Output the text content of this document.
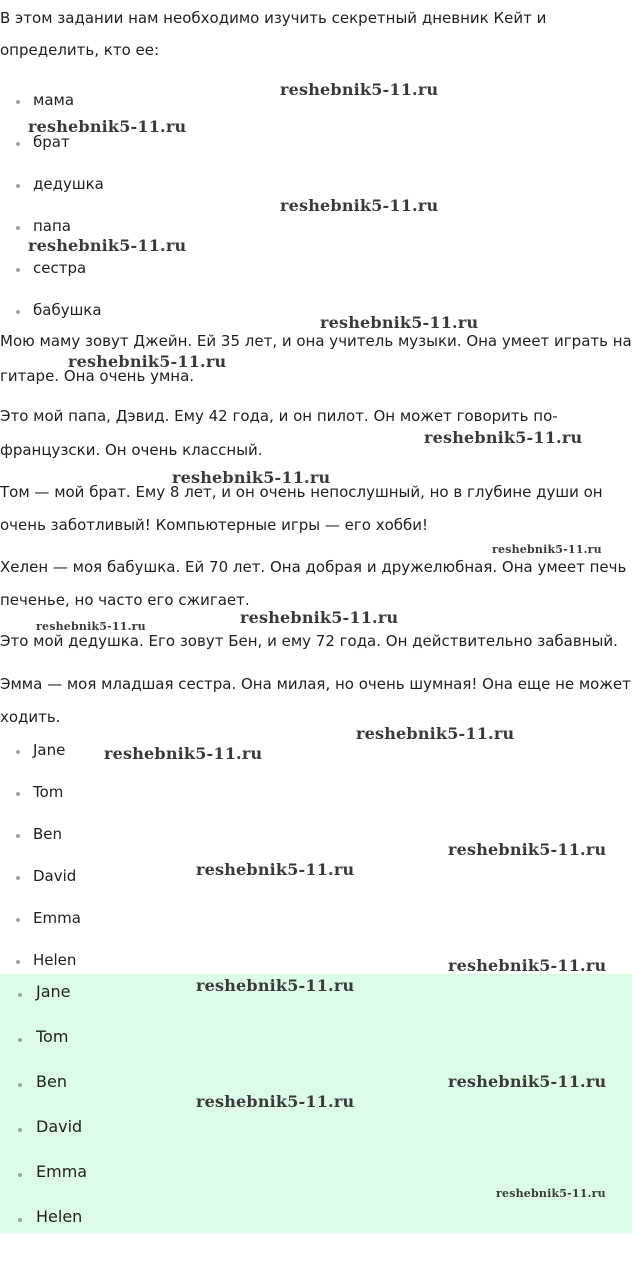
В этом задании нам необходимо изучить секретный дневник Кейт и определить, кто ее:

мама
брат
дедушка
папа
сестра
бабушка
Мою маму зовут Джейн. Ей 35 лет, и она учитель музыки. Она умеет играть на
гитаре. Она очень умна.
Это мой папа, Дэвид. Ему 42 года, и он пилот. Он может говорить по-
французски. Он очень классный.
Том — мой брат. Ему 8 лет, и он очень непослушный, но в глубине души он
очень заботливый! Компьютерные игры — его хобби!
Хелен — моя бабушка. Ей 70 лет. Она добрая и дружелюбная. Она умеет печь
печенье, но часто его сжигает.
Это мой дедушка. Его зовут Бен, и ему 72 года. Он действительно забавный.
Эмма — моя младшая сестра. Она милая, но очень шумная! Она еще не может
ходить.
Jane
Tom
Ben
David
Emma
Helen
Jane
Tom
Ben
David
Emma
Helen
reshebnik5-11.ru
reshebnik5-11.ru
reshebnik5-11.ru
reshebnik5-11.ru
reshebnik5-11.ru
reshebnik5-11.ru
reshebnik5-11.ru
reshebnik5-11.ru
reshebnik5-11.ru
reshebnik5-11.ru
reshebnik5-11.ru
reshebnik5-11.ru
reshebnik5-11.ru
reshebnik5-11.ru
reshebnik5-11.ru
reshebnik5-11.ru
reshebnik5-11.ru
reshebnik5-11.ru
reshebnik5-11.ru
reshebnik5-11.ru
